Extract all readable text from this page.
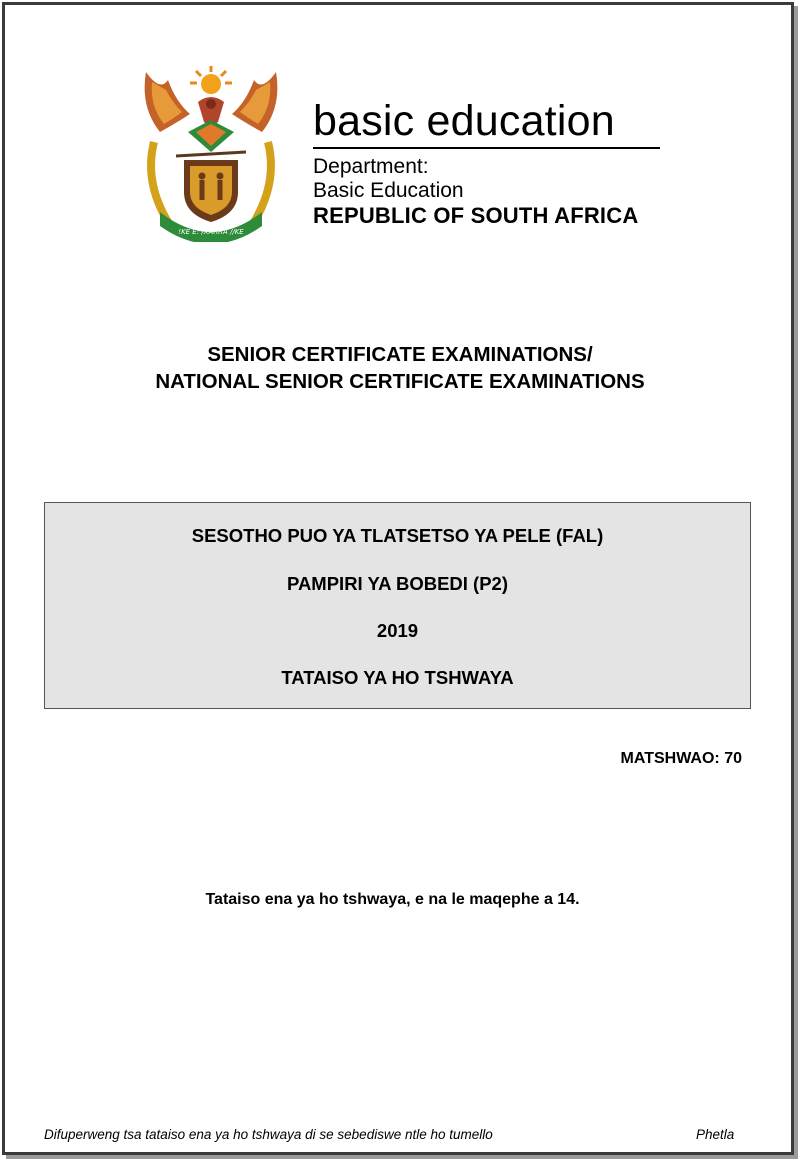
!KE E: /XARRA //KE
basic education
Department:
Basic Education
REPUBLIC OF SOUTH AFRICA
SENIOR CERTIFICATE EXAMINATIONS/
NATIONAL SENIOR CERTIFICATE EXAMINATIONS
SESOTHO PUO YA TLATSETSO YA PELE (FAL)
PAMPIRI YA BOBEDI (P2)
2019
TATAISO YA HO TSHWAYA
MATSHWAO: 70
Tataiso ena ya ho tshwaya, e na le maqephe a 14.
Difuperweng tsa tataiso ena ya ho tshwaya di se sebediswe ntle ho tumello	Phetla
